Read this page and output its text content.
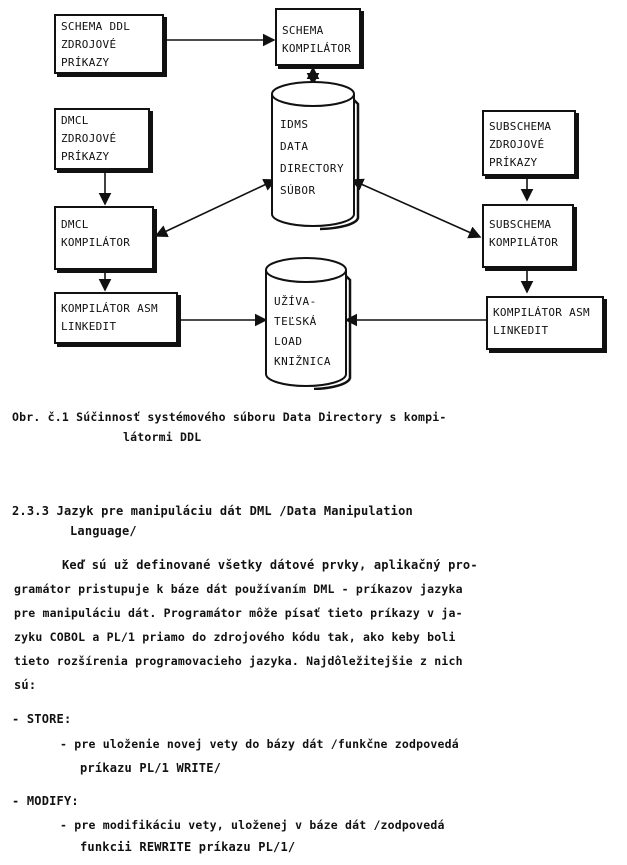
SCHEMA DDL
ZDROJOVÉ
PRÍKAZY
SCHEMA
KOMPILÁTOR
DMCL
ZDROJOVÉ
PRÍKAZY
IDMS
DATA
DIRECTORY
SÚBOR
SUBSCHEMA
ZDROJOVÉ
PRÍKAZY
DMCL
KOMPILÁTOR
SUBSCHEMA
KOMPILÁTOR
KOMPILÁTOR ASM
LINKEDIT
UŽÍVA-
TEĽSKÁ
LOAD
KNIŽNICA
KOMPILÁTOR ASM
LINKEDIT
Obr. č.1 Súčinnosť systémového súboru Data Directory s kompi-
látormi DDL
2.3.3 Jazyk pre manipuláciu dát DML /Data Manipulation
Language/
Keď sú už definované všetky dátové prvky, aplikačný pro-
gramátor pristupuje k báze dát používaním DML - príkazov jazyka
pre manipuláciu dát. Programátor môže písať tieto príkazy v ja-
zyku COBOL a PL/1 priamo do zdrojového kódu tak, ako keby boli
tieto rozšírenia programovacieho jazyka. Najdôležitejšie z nich
sú:
- STORE:
- pre uloženie novej vety do bázy dát /funkčne zodpovedá
príkazu PL/1 WRITE/
- MODIFY:
- pre modifikáciu vety, uloženej v báze dát /zodpovedá
funkcii REWRITE príkazu PL/1/
